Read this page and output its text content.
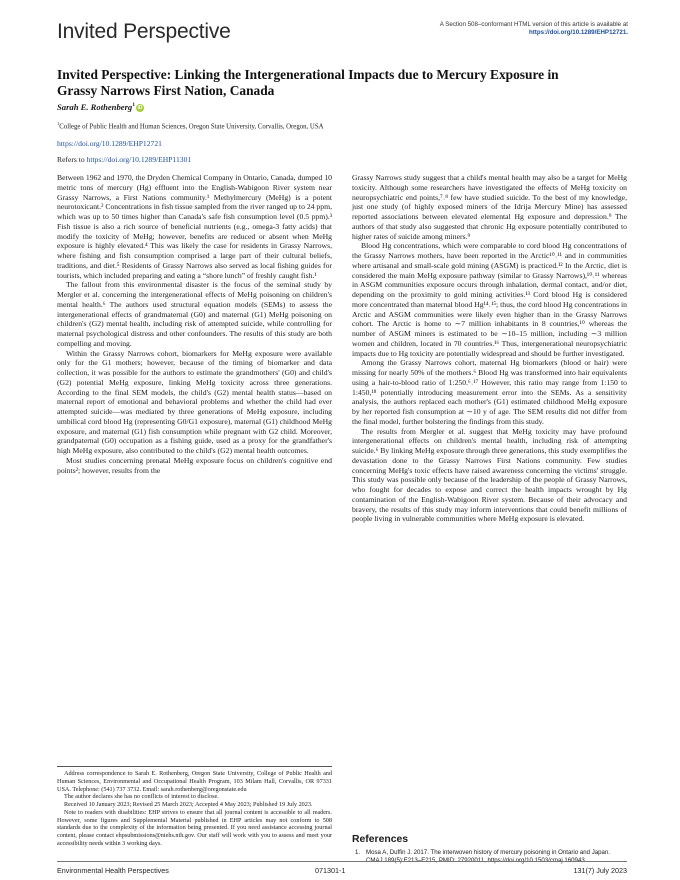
Invited Perspective	A Section 508–conformant HTML version of this article is available at https://doi.org/10.1289/EHP12721.
Invited Perspective: Linking the Intergenerational Impacts due to Mercury Exposure in Grassy Narrows First Nation, Canada
Sarah E. Rothenberg$^1$ iD
$^1$College of Public Health and Human Sciences, Oregon State University, Corvallis, Oregon, USA
https://doi.org/10.1289/EHP12721
Refers to https://doi.org/10.1289/EHP11301

Between 1962 and 1970, the Dryden Chemical Company in Ontario, Canada, dumped 10 metric tons of mercury (Hg) effluent into the English-Wabigoon River system near Grassy Narrows, a First Nations community.¹ Methylmercury (MeHg) is a potent neurotoxicant.² Concentrations in fish tissue sampled from the river ranged up to 24 ppm, which was up to 50 times higher than Canada's safe fish consumption level (0.5 ppm).³ Fish tissue is also a rich source of beneficial nutrients (e.g., omega-3 fatty acids) that modify the toxicity of MeHg; however, benefits are reduced or absent when MeHg exposure is highly elevated.⁴ This was likely the case for residents in Grassy Narrows, where fishing and fish consumption comprised a large part of their cultural beliefs, traditions, and diet.⁵ Residents of Grassy Narrows also served as local fishing guides for tourists, which included preparing and eating a “shore lunch” of freshly caught fish.¹

The fallout from this environmental disaster is the focus of the seminal study by Mergler et al. concerning the intergenerational effects of MeHg poisoning on children's mental health.⁶ The authors used structural equation models (SEMs) to assess the intergenerational effects of grandmaternal (G0) and maternal (G1) MeHg poisoning on children's (G2) mental health, including risk of attempted suicide, while controlling for maternal psychological distress and other confounders. The results of this study are both compelling and moving.

Within the Grassy Narrows cohort, biomarkers for MeHg exposure were available only for the G1 mothers; however, because of the timing of biomarker and data collection, it was possible for the authors to estimate the grandmothers' (G0) and child's (G2) potential MeHg exposure, linking MeHg toxicity across three generations. According to the final SEM models, the child's (G2) mental health status—based on maternal report of emotional and behavioral problems and whether the child had ever attempted suicide—was mediated by three generations of MeHg exposure, including umbilical cord blood Hg (representing G0/G1 exposure), maternal (G1) childhood MeHg exposure, and maternal (G1) fish consumption while pregnant with G2 child. Moreover, grandpaternal (G0) occupation as a fishing guide, used as a proxy for the grandfather's high MeHg exposure, also contributed to the child's (G2) mental health outcomes.

Most studies concerning prenatal MeHg exposure focus on children's cognitive end points²; however, results from the

Grassy Narrows study suggest that a child's mental health may also be a target for MeHg toxicity. Although some researchers have investigated the effects of MeHg toxicity on neuropsychiatric end points,⁷˒⁸ few have studied suicide. To the best of my knowledge, just one study (of highly exposed miners of the Idrija Mercury Mine) has assessed reported associations between elevated elemental Hg exposure and depression.⁹ The authors of that study also suggested that chronic Hg exposure potentially contributed to higher rates of suicide among miners.⁹

Blood Hg concentrations, which were comparable to cord blood Hg concentrations of the Grassy Narrows mothers, have been reported in the Arctic¹⁰˒¹¹ and in communities where artisanal and small-scale gold mining (ASGM) is practiced.¹² In the Arctic, diet is considered the main MeHg exposure pathway (similar to Grassy Narrows),¹⁰˒¹¹ whereas in ASGM communities exposure occurs through inhalation, dermal contact, and/or diet, depending on the proximity to gold mining activities.¹³ Cord blood Hg is considered more concentrated than maternal blood Hg¹⁴˒¹⁵; thus, the cord blood Hg concentrations in Arctic and ASGM communities were likely even higher than in the Grassy Narrows cohort. The Arctic is home to ∼7 million inhabitants in 8 countries,¹⁰ whereas the number of ASGM miners is estimated to be ∼10–15 million, including ∼3 million women and children, located in 70 countries.¹⁶ Thus, intergenerational neuropsychiatric impacts due to Hg toxicity are potentially widespread and should be further investigated.

Among the Grassy Narrows cohort, maternal Hg biomarkers (blood or hair) were missing for nearly 50% of the mothers.⁶ Blood Hg was transformed into hair equivalents using a hair-to-blood ratio of 1:250.⁶˒¹⁷ However, this ratio may range from 1:150 to 1:450,¹⁸ potentially introducing measurement error into the SEMs. As a sensitivity analysis, the authors replaced each mother's (G1) estimated childhood MeHg exposure by her reported fish consumption at ∼10 y of age. The SEM results did not differ from the final model, further bolstering the findings from this study.

The results from Mergler et al. suggest that MeHg toxicity may have profound intergenerational effects on children's mental health, including risk of attempting suicide.⁶ By linking MeHg exposure through three generations, this study exemplifies the devastation done to the Grassy Narrows First Nations community. Few studies concerning MeHg's toxic effects have raised awareness concerning the victims' struggle. This study was possible only because of the leadership of the people of Grassy Narrows, who fought for decades to expose and correct the health impacts wrought by Hg contamination of the English-Wabigoon River system. Because of their advocacy and bravery, the results of this study may inform interventions that could benefit millions of people living in vulnerable communities where MeHg exposure is elevated.

Address correspondence to Sarah E. Rothenberg, Oregon State University, College of Public Health and Human Sciences, Environmental and Occupational Health Program, 103 Milam Hall, Corvallis, OR 97331 USA. Telephone: (541) 737 3732. Email: sarah.rothenberg@oregonstate.edu

The author declares she has no conflicts of interest to disclose.

Received 10 January 2023; Revised 25 March 2023; Accepted 4 May 2023; Published 19 July 2023.

Note to readers with disabilities: EHP strives to ensure that all journal content is accessible to all readers. However, some figures and Supplemental Material published in EHP articles may not conform to 508 standards due to the complexity of the information being presented. If you need assistance accessing journal content, please contact ehpsubmissions@niehs.nih.gov. Our staff will work with you to assess and meet your accessibility needs within 3 working days.	References
1. Mosa A, Duffin J. 2017. The interwoven history of mercury poisoning in Ontario and Japan. CMAJ 189(5):E213–E215, PMID: 27920011, https://doi.org/10.1503/cmaj.160943.
Environmental Health Perspectives	071301-1	131(7) July 2023
